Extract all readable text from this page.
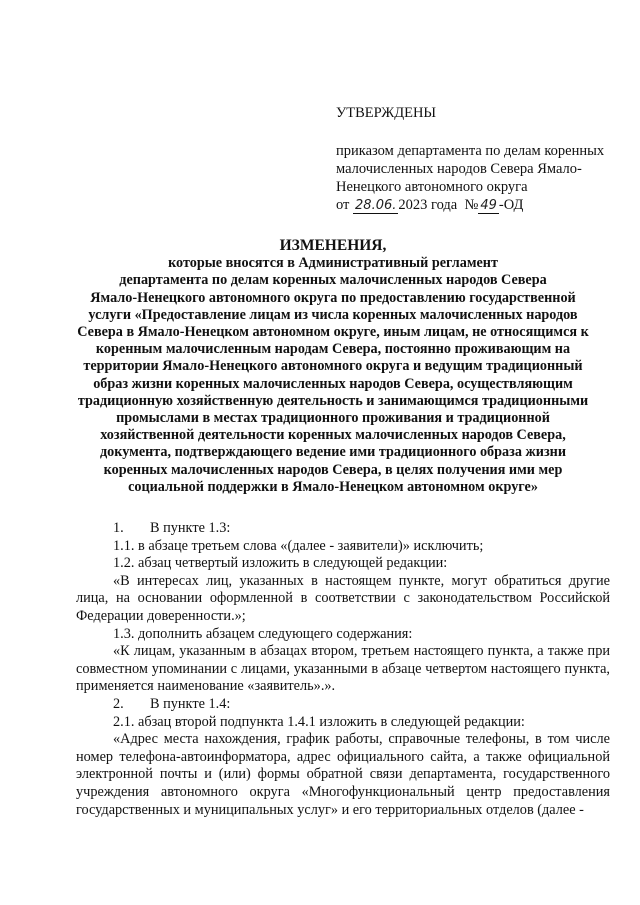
УТВЕРЖДЕНЫ
приказом департамента по делам коренных
малочисленных народов Севера Ямало-
Ненецкого автономного округа
от 28.06. 2023 года № 49 -ОД
ИЗМЕНЕНИЯ,
которые вносятся в Административный регламент
департамента по делам коренных малочисленных народов Севера
Ямало-Ненецкого автономного округа по предоставлению государственной
услуги «Предоставление лицам из числа коренных малочисленных народов
Севера в Ямало-Ненецком автономном округе, иным лицам, не относящимся к
коренным малочисленным народам Севера, постоянно проживающим на
территории Ямало-Ненецкого автономного округа и ведущим традиционный
образ жизни коренных малочисленных народов Севера, осуществляющим
традиционную хозяйственную деятельность и занимающимся традиционными
промыслами в местах традиционного проживания и традиционной
хозяйственной деятельности коренных малочисленных народов Севера,
документа, подтверждающего ведение ими традиционного образа жизни
коренных малочисленных народов Севера, в целях получения ими мер
социальной поддержки в Ямало-Ненецком автономном округе»

1. В пункте 1.3:

1.1. в абзаце третьем слова «(далее - заявители)» исключить;

1.2. абзац четвертый изложить в следующей редакции:

«В интересах лиц, указанных в настоящем пункте, могут обратиться другие лица, на основании оформленной в соответствии с законодательством Российской Федерации доверенности.»;

1.3. дополнить абзацем следующего содержания:

«К лицам, указанным в абзацах втором, третьем настоящего пункта, а также при совместном упоминании с лицами, указанными в абзаце четвертом настоящего пункта, применяется наименование «заявитель».».

2. В пункте 1.4:

2.1. абзац второй подпункта 1.4.1 изложить в следующей редакции:

«Адрес места нахождения, график работы, справочные телефоны, в том числе номер телефона-автоинформатора, адрес официального сайта, а также официальной электронной почты и (или) формы обратной связи департамента, государственного учреждения автономного округа «Многофункциональный центр предоставления государственных и муниципальных услуг» и его территориальных отделов (далее -
